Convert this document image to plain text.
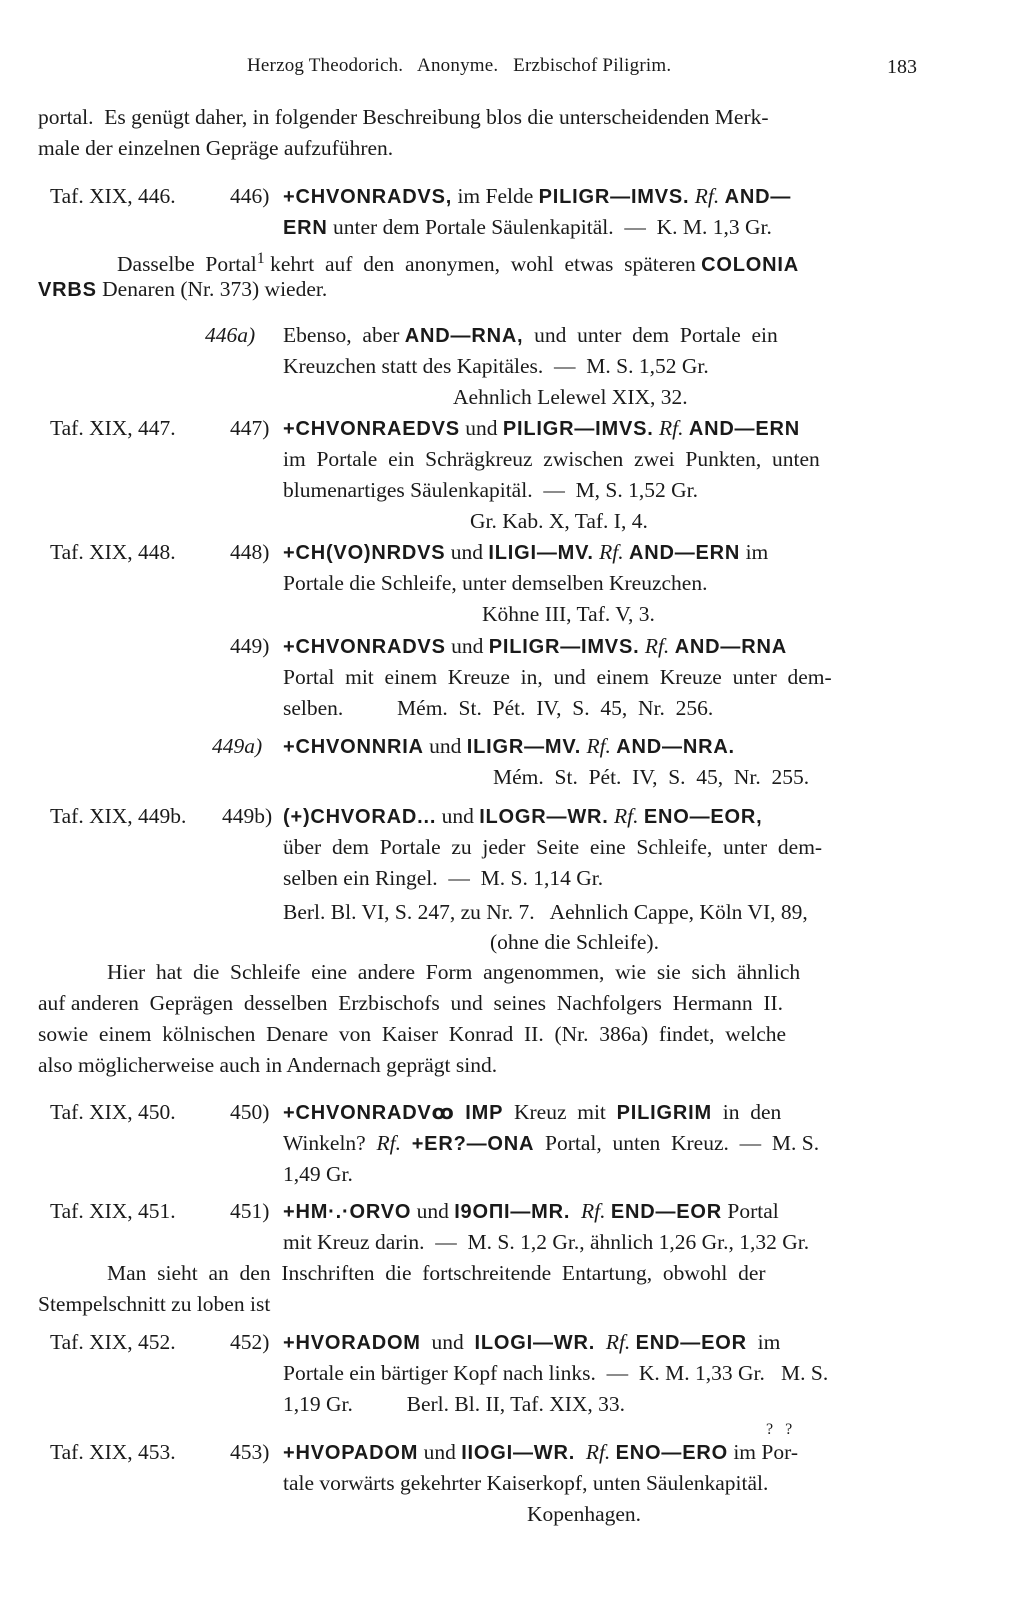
Herzog Theodorich.   Anonyme.   Erzbischof Piligrim.	183
portal.  Es genügt daher, in folgender Beschreibung blos die unterscheidenden Merk-
male der einzelnen Gepräge aufzuführen.
Taf. XIX, 446.	446) +CHVONRADVS, im Felde PILIGR—IMVS. Rf. AND—
ERN unter dem Portale Säulenkapitäl.  —  K. M. 1,3 Gr.
Dasselbe  Portal$^1$ kehrt  auf  den  anonymen,  wohl  etwas  späteren COLONIA
VRBS Denaren (Nr. 373) wieder.
446a) Ebenso,  aber AND—RNA,  und  unter  dem  Portale  ein
Kreuzchen statt des Kapitäles.  —  M. S. 1,52 Gr.
Aehnlich Lelewel XIX, 32.
Taf. XIX, 447.	447) +CHVONRAEDVS und PILIGR—IMVS. Rf. AND—ERN
im  Portale  ein  Schrägkreuz  zwischen  zwei  Punkten,  unten
blumenartiges Säulenkapitäl.  —  M, S. 1,52 Gr.
Gr. Kab. X, Taf. I, 4.
Taf. XIX, 448.	448) +CH(VO)NRDVS und ILIGI—MV. Rf. AND—ERN im
Portale die Schleife, unter demselben Kreuzchen.
Köhne III, Taf. V, 3.
449) +CHVONRADVS und PILIGR—IMVS. Rf. AND—RNA
Portal  mit  einem  Kreuze  in,  und  einem  Kreuze  unter  dem-
selben.          Mém.  St.  Pét.  IV,  S.  45,  Nr.  256.
449a) +CHVONNRIA und ILIGR—MV. Rf. AND—NRA.
Mém.  St.  Pét.  IV,  S.  45,  Nr.  255.
Taf. XIX, 449b. 449b) (+)CHVORAD... und ILOGR—WR. Rf. ENO—EOR,
über  dem  Portale  zu  jeder  Seite  eine  Schleife,  unter  dem-
selben ein Ringel.  —  M. S. 1,14 Gr.
Berl. Bl. VI, S. 247, zu Nr. 7.   Aehnlich Cappe, Köln VI, 89,
(ohne die Schleife).
Hier  hat  die  Schleife  eine  andere  Form  angenommen,  wie  sie  sich  ähnlich
auf anderen  Geprägen  desselben  Erzbischofs  und  seines  Nachfolgers  Hermann  II.
sowie  einem  kölnischen  Denare  von  Kaiser  Konrad  II.  (Nr.  386a)  findet,  welche
also möglicherweise auch in Andernach geprägt sind.
Taf. XIX, 450.	450) +CHVONRADVꝏ IMP  Kreuz  mit  PILIGRIM  in  den
Winkeln?  Rf. +ER?—ONA  Portal,  unten  Kreuz.  —  M. S.
1,49 Gr.
Taf. XIX, 451.	451) +HM·.·ORVO und I9OПI—MR.  Rf. END—EOR Portal
mit Kreuz darin.  —  M. S. 1,2 Gr., ähnlich 1,26 Gr., 1,32 Gr.
Man  sieht  an  den  Inschriften  die  fortschreitende  Entartung,  obwohl  der
Stempelschnitt zu loben ist
Taf. XIX, 452.	452) +HVORADOM  und  ILOGI—WR.  Rf. END—EOR  im
Portale ein bärtiger Kopf nach links.  —  K. M. 1,33 Gr.   M. S.
1,19 Gr.          Berl. Bl. II, Taf. XIX, 33.
?   ?
Taf. XIX, 453.	453) +HVOPADOM und IIOGI—WR.  Rf. ENO—ERO im Por-
tale vorwärts gekehrter Kaiserkopf, unten Säulenkapitäl.
Kopenhagen.
